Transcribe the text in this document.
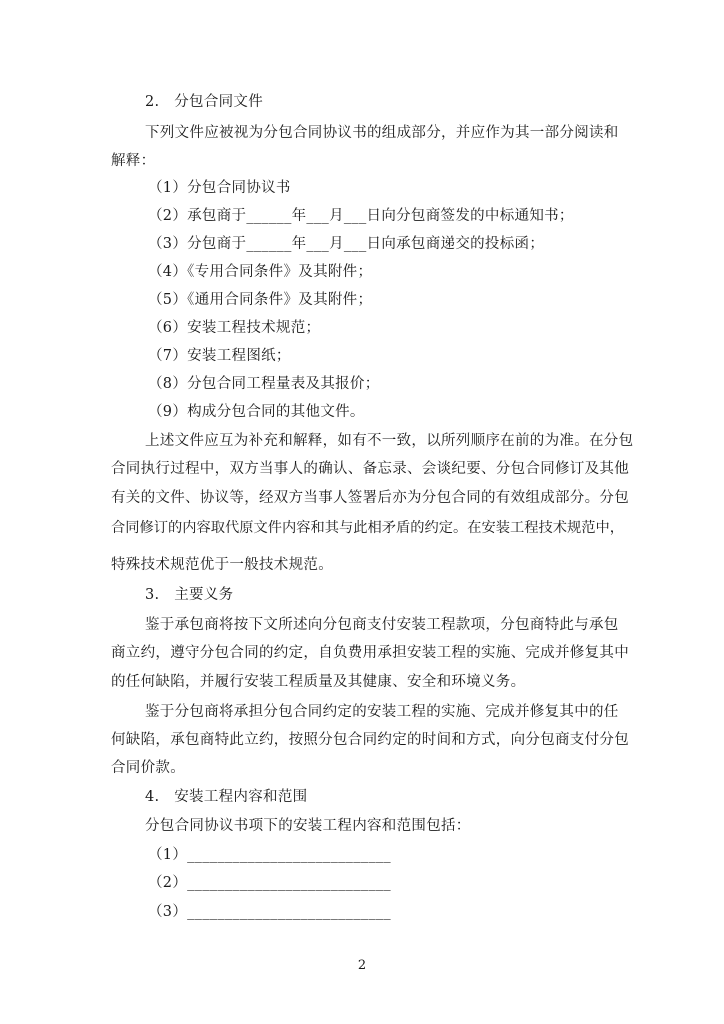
2.　分包合同文件
下列文件应被视为分包合同协议书的组成部分，并应作为其一部分阅读和
解释：
（1）分包合同协议书
（2）承包商于______年___月___日向分包商签发的中标通知书；
（3）分包商于______年___月___日向承包商递交的投标函；
（4）《专用合同条件》及其附件；
（5）《通用合同条件》及其附件；
（6）安装工程技术规范；
（7）安装工程图纸；
（8）分包合同工程量表及其报价；
（9）构成分包合同的其他文件。
上述文件应互为补充和解释，如有不一致，以所列顺序在前的为准。在分包
合同执行过程中，双方当事人的确认、备忘录、会谈纪要、分包合同修订及其他
有关的文件、协议等，经双方当事人签署后亦为分包合同的有效组成部分。分包
合同修订的内容取代原文件内容和其与此相矛盾的约定。在安装工程技术规范中，
特殊技术规范优于一般技术规范。
3.　主要义务
鉴于承包商将按下文所述向分包商支付安装工程款项，分包商特此与承包
商立约，遵守分包合同的约定，自负费用承担安装工程的实施、完成并修复其中
的任何缺陷，并履行安装工程质量及其健康、安全和环境义务。
鉴于分包商将承担分包合同约定的安装工程的实施、完成并修复其中的任
何缺陷，承包商特此立约，按照分包合同约定的时间和方式，向分包商支付分包
合同价款。
4.　安装工程内容和范围
分包合同协议书项下的安装工程内容和范围包括：
（1）___________________________
（2）___________________________
（3）___________________________
2
